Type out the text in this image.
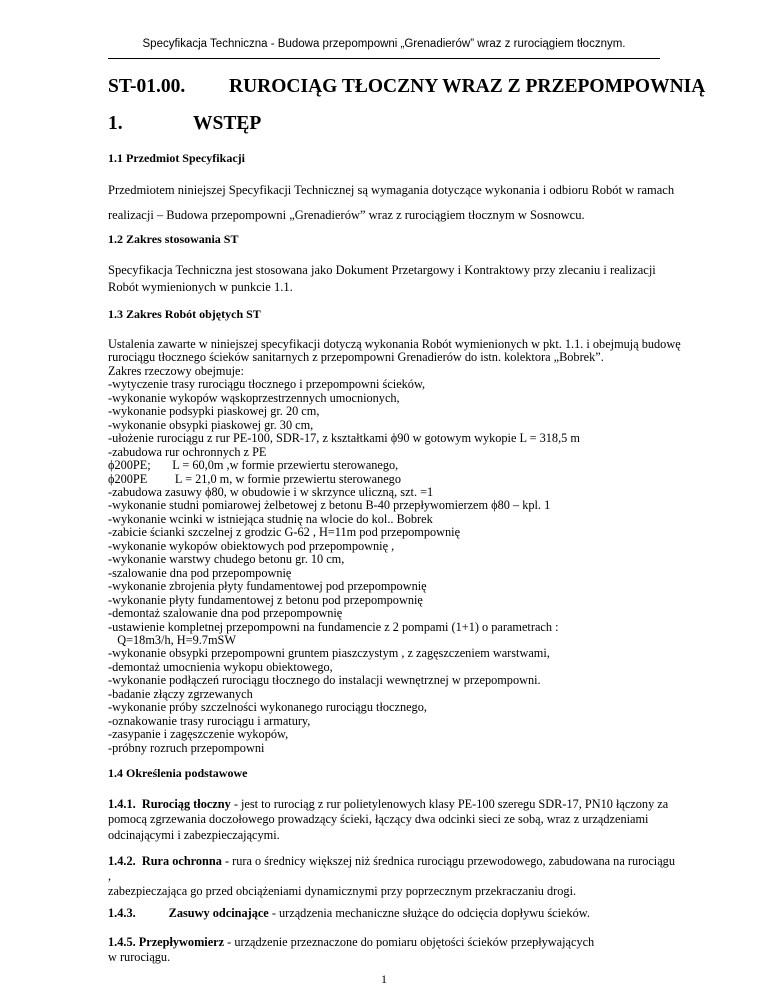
Specyfikacja Techniczna - Budowa przepompowni „Grenadierów” wraz z rurociągiem tłocznym.
ST-01.00. RUROCIĄG TŁOCZNY WRAZ Z PRZEPOMPOWNIĄ
1.	WSTĘP
1.1 Przedmiot Specyfikacji
Przedmiotem niniejszej Specyfikacji Technicznej są wymagania dotyczące wykonania i odbioru Robót w ramach
realizacji – Budowa przepompowni „Grenadierów” wraz z rurociągiem tłocznym w Sosnowcu.
1.2 Zakres stosowania ST
Specyfikacja Techniczna jest stosowana jako Dokument Przetargowy i Kontraktowy przy zlecaniu i realizacji Robót wymienionych w punkcie 1.1.
1.3 Zakres Robót objętych ST
Ustalenia zawarte w niniejszej specyfikacji dotyczą wykonania Robót wymienionych w pkt. 1.1. i obejmują budowę
rurociągu tłocznego ścieków sanitarnych z przepompowni Grenadierów do istn. kolektora „Bobrek”.
Zakres rzeczowy obejmuje:
-wytyczenie trasy rurociągu tłocznego i przepompowni ścieków,
-wykonanie wykopów wąskoprzestrzennych umocnionych,
-wykonanie podsypki piaskowej gr. 20 cm,
-wykonanie obsypki piaskowej gr. 30 cm,
-ułożenie rurociągu z rur PE-100, SDR-17, z kształtkami ϕ90 w gotowym wykopie L = 318,5 m
-zabudowa rur ochronnych z PE
ϕ200PE;       L = 60,0m ,w formie przewiertu sterowanego,
ϕ200PE         L = 21,0 m, w formie przewiertu sterowanego
-zabudowa zasuwy ϕ80, w obudowie i w skrzynce uliczną, szt. =1
-wykonanie studni pomiarowej żelbetowej z betonu B-40 przepływomierzem ϕ80 – kpl. 1
-wykonanie wcinki w istniejąca studnię na wlocie do kol.. Bobrek
-zabicie ścianki szczelnej z grodzic G-62 , H=11m pod przepompownię
-wykonanie wykopów obiektowych pod przepompownię ,
-wykonanie warstwy chudego betonu gr. 10 cm,
-szalowanie dna pod przepompownię
-wykonanie zbrojenia płyty fundamentowej pod przepompownię
-wykonanie płyty fundamentowej z betonu pod przepompownię
-demontaż szalowanie dna pod przepompownię
-ustawienie kompletnej przepompowni na fundamencie z 2 pompami (1+1) o parametrach :
Q=18m3/h, H=9.7mSW
-wykonanie obsypki przepompowni gruntem piaszczystym , z zagęszczeniem warstwami,
-demontaż umocnienia wykopu obiektowego,
-wykonanie podłączeń rurociągu tłocznego do instalacji wewnętrznej w przepompowni.
-badanie złączy zgrzewanych
-wykonanie próby szczelności wykonanego rurociągu tłocznego,
-oznakowanie trasy rurociągu i armatury,
-zasypanie i zagęszczenie wykopów,
-próbny rozruch przepompowni
1.4 Określenia podstawowe
1.4.1. Rurociąg tłoczny - jest to rurociąg z rur polietylenowych klasy PE-100 szeregu SDR-17, PN10 łączony za
pomocą zgrzewania doczołowego prowadzący ścieki, łączący dwa odcinki sieci ze sobą, wraz z urządzeniami
odcinającymi i zabezpieczającymi.
1.4.2. Rura ochronna - rura o średnicy większej niż średnica rurociągu przewodowego, zabudowana na rurociągu
,
zabezpieczająca go przed obciążeniami dynamicznymi przy poprzecznym przekraczaniu drogi.
1.4.3.	Zasuwy odcinające - urządzenia mechaniczne służące do odcięcia dopływu ścieków.
1.4.5. Przepływomierz - urządzenie przeznaczone do pomiaru objętości ścieków przepływających
w rurociągu.
1
